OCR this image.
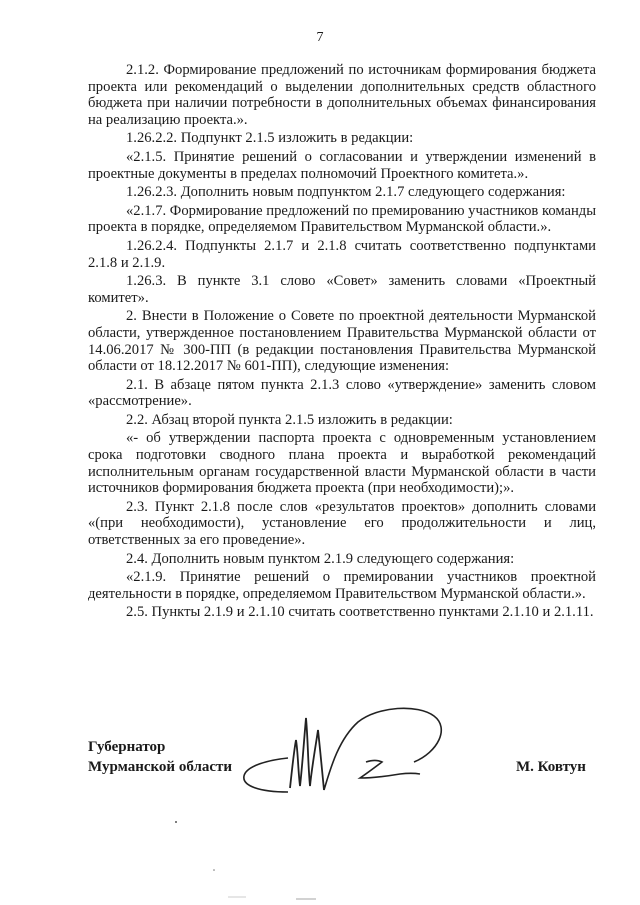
7

2.1.2. Формирование предложений по источникам формирования бюджета проекта или рекомендаций о выделении дополнительных средств областного бюджета при наличии потребности в дополнительных объемах финансирования на реализацию проекта.».

1.26.2.2. Подпункт 2.1.5 изложить в редакции:

«2.1.5. Принятие решений о согласовании и утверждении изменений в проектные документы в пределах полномочий Проектного комитета.».

1.26.2.3. Дополнить новым подпунктом 2.1.7 следующего содержания:

«2.1.7. Формирование предложений по премированию участников команды проекта в порядке, определяемом Правительством Мурманской области.».

1.26.2.4. Подпункты 2.1.7 и 2.1.8 считать соответственно подпунктами 2.1.8 и 2.1.9.

1.26.3. В пункте 3.1 слово «Совет» заменить словами «Проектный комитет».

2. Внести в Положение о Совете по проектной деятельности Мурманской области, утвержденное постановлением Правительства Мурманской области от 14.06.2017 № 300-ПП (в редакции постановления Правительства Мурманской области от 18.12.2017 № 601-ПП), следующие изменения:

2.1. В абзаце пятом пункта 2.1.3 слово «утверждение» заменить словом «рассмотрение».

2.2. Абзац второй пункта 2.1.5 изложить в редакции:

«- об утверждении паспорта проекта с одновременным установлением срока подготовки сводного плана проекта и выработкой рекомендаций исполнительным органам государственной власти Мурманской области в части источников формирования бюджета проекта (при необходимости);».

2.3. Пункт 2.1.8 после слов «результатов проектов» дополнить словами «(при необходимости), установление его продолжительности и лиц, ответственных за его проведение».

2.4. Дополнить новым пунктом 2.1.9 следующего содержания:

«2.1.9. Принятие решений о премировании участников проектной деятельности в порядке, определяемом Правительством Мурманской области.».

2.5. Пункты 2.1.9 и 2.1.10 считать соответственно пунктами 2.1.10 и 2.1.11.

Губернатор
Мурманской области	М. Ковтун
